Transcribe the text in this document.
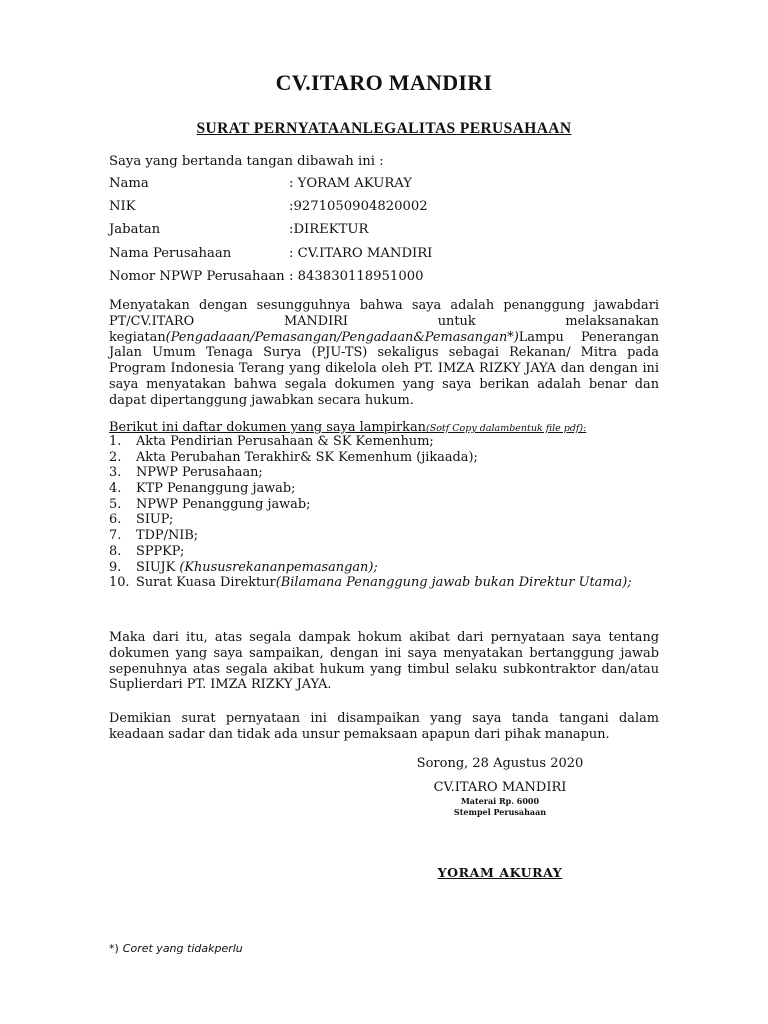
CV.ITARO MANDIRI
SURAT PERNYATAANLEGALITAS PERUSAHAAN
Saya yang bertanda tangan dibawah ini :
Nama	: YORAM AKURAY
NIK	:9271050904820002
Jabatan	:DIREKTUR
Nama Perusahaan	: CV.ITARO MANDIRI
Nomor NPWP Perusahaan : 843830118951000
Menyatakan dengan sesungguhnya bahwa saya adalah penanggung jawabdari PT/CV.ITARO MANDIRI untuk melaksanakan kegiatan(Pengadaaan/Pemasangan/Pengadaan&Pemasangan*)Lampu Penerangan Jalan Umum Tenaga Surya (PJU-TS) sekaligus sebagai Rekanan/ Mitra pada Program Indonesia Terang yang dikelola oleh PT. IMZA RIZKY JAYA dan dengan ini saya menyatakan bahwa segala dokumen yang saya berikan adalah benar dan dapat dipertanggung jawabkan secara hukum.
Berikut ini daftar dokumen yang saya lampirkan(Sotf Copy dalambentuk file pdf):
1. Akta Pendirian Perusahaan & SK Kemenhum;
2. Akta Perubahan Terakhir& SK Kemenhum (jikaada);
3. NPWP Perusahaan;
4. KTP Penanggung jawab;
5. NPWP Penanggung jawab;
6. SIUP;
7. TDP/NIB;
8. SPPKP;
9. SIUJK (Khususrekananpemasangan);
10. Surat Kuasa Direktur(Bilamana Penanggung jawab bukan Direktur Utama);
Maka dari itu, atas segala dampak hokum akibat dari pernyataan saya tentang dokumen yang saya sampaikan, dengan ini saya menyatakan bertanggung jawab sepenuhnya atas segala akibat hukum yang timbul selaku subkontraktor dan/atau Suplierdari PT. IMZA RIZKY JAYA.
Demikian surat pernyataan ini disampaikan yang saya tanda tangani dalam keadaan sadar dan tidak ada unsur pemaksaan apapun dari pihak manapun.
Sorong, 28 Agustus 2020
CV.ITARO MANDIRI
Materai Rp. 6000
Stempel Perusahaan
YORAM AKURAY
*) Coret yang tidakperlu
